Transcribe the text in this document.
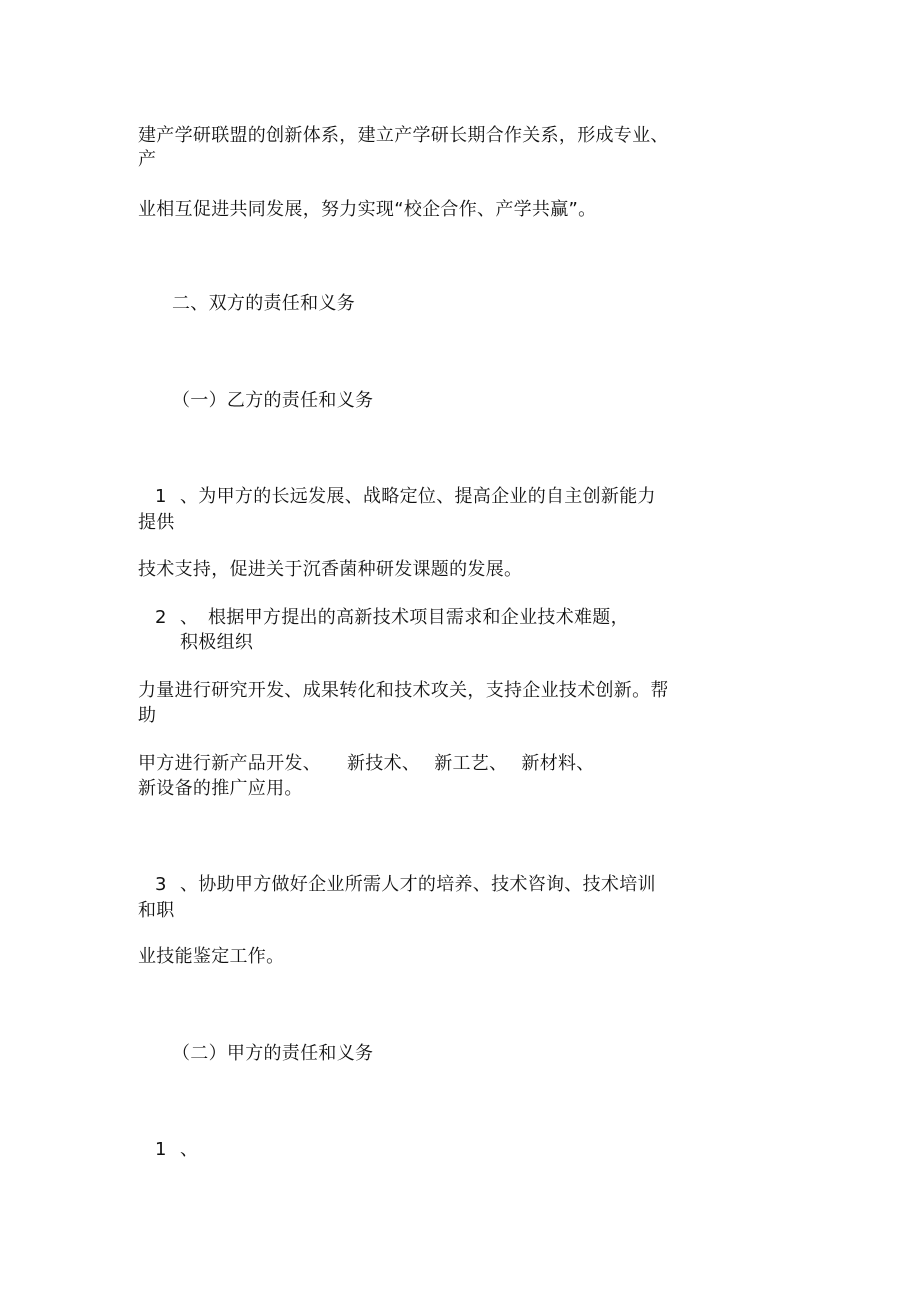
建产学研联盟的创新体系，建立产学研长期合作关系，形成专业、
产
业相互促进共同发展，努力实现“校企合作、产学共赢”。
二、双方的责任和义务
（一）乙方的责任和义务
1 、为甲方的长远发展、战略定位、提高企业的自主创新能力
提供
技术支持，促进关于沉香菌种研发课题的发展。
2 、 根据甲方提出的高新技术项目需求和企业技术难题，
积极组织
力量进行研究开发、成果转化和技术攻关，支持企业技术创新。帮
助
甲方进行新产品开发、 新技术、 新工艺、 新材料、
新设备的推广应用。
3 、协助甲方做好企业所需人才的培养、技术咨询、技术培训
和职
业技能鉴定工作。
（二）甲方的责任和义务
1 、
